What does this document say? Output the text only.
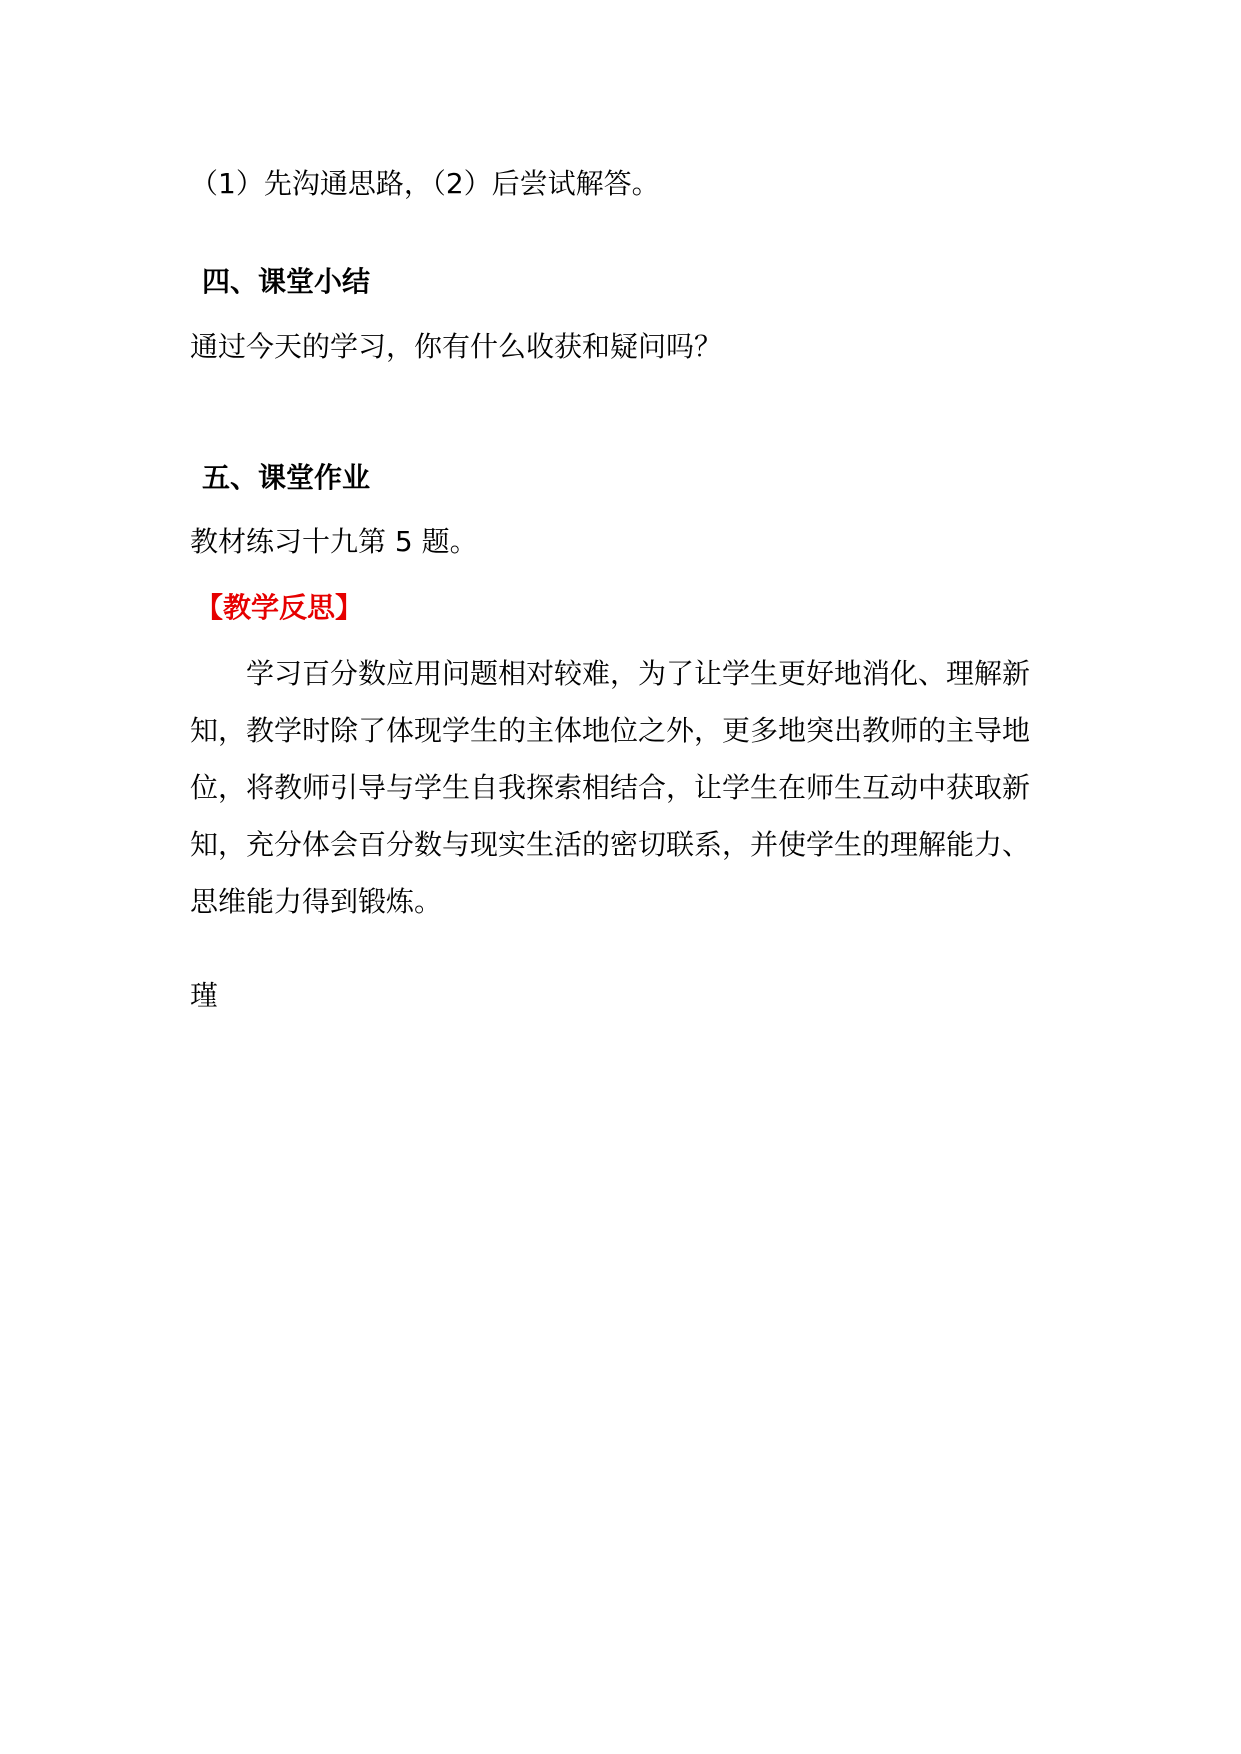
（1）先沟通思路，（2）后尝试解答。
四、课堂小结
通过今天的学习，你有什么收获和疑问吗？
五、课堂作业
教材练习十九第 5 题。
【教学反思】
学习百分数应用问题相对较难，为了让学生更好地消化、理解新
知，教学时除了体现学生的主体地位之外，更多地突出教师的主导地
位，将教师引导与学生自我探索相结合，让学生在师生互动中获取新
知，充分体会百分数与现实生活的密切联系，并使学生的理解能力、
思维能力得到锻炼。
瑾
